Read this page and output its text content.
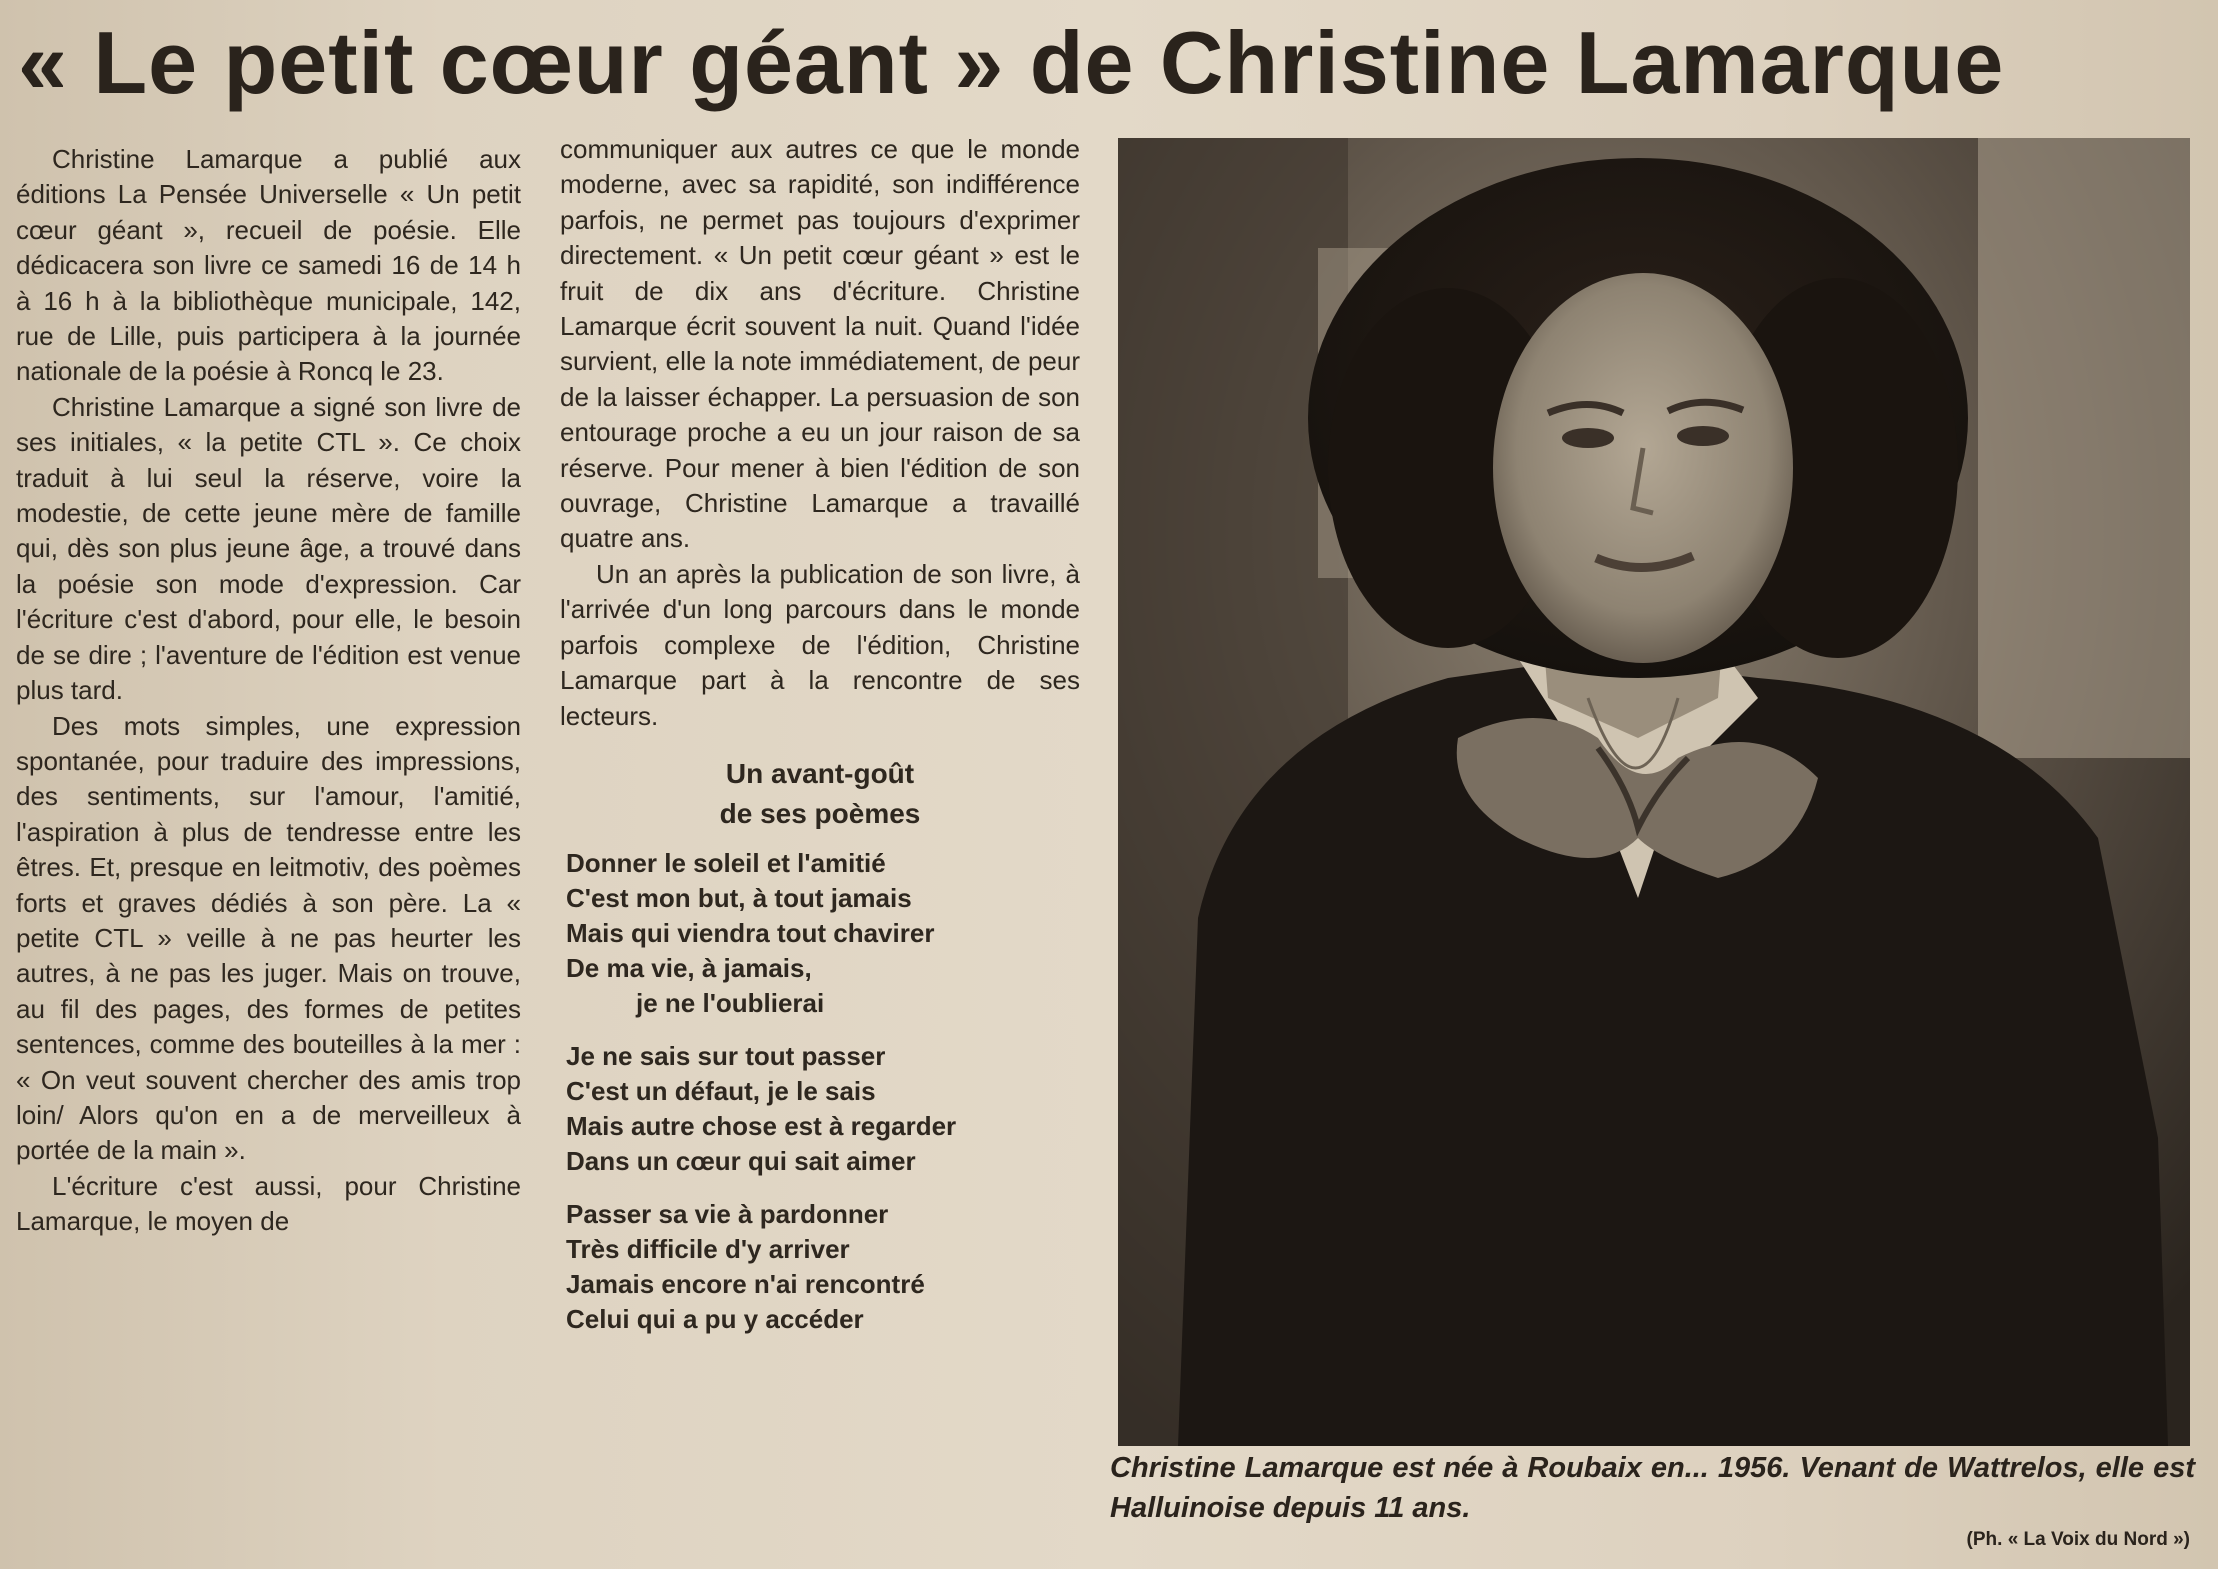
« Le petit cœur géant » de Christine Lamarque

Christine Lamarque a publié aux éditions La Pensée Universelle « Un petit cœur géant », recueil de poésie. Elle dédicacera son livre ce samedi 16 de 14 h à 16 h à la bibliothèque municipale, 142, rue de Lille, puis participera à la journée nationale de la poésie à Roncq le 23.

Christine Lamarque a signé son livre de ses initiales, « la petite CTL ». Ce choix traduit à lui seul la réserve, voire la modestie, de cette jeune mère de famille qui, dès son plus jeune âge, a trouvé dans la poésie son mode d'expression. Car l'écriture c'est d'abord, pour elle, le besoin de se dire ; l'aventure de l'édition est venue plus tard.

Des mots simples, une expression spontanée, pour traduire des impressions, des sentiments, sur l'amour, l'amitié, l'aspiration à plus de tendresse entre les êtres. Et, presque en leitmotiv, des poèmes forts et graves dédiés à son père. La « petite CTL » veille à ne pas heurter les autres, à ne pas les juger. Mais on trouve, au fil des pages, des formes de petites sentences, comme des bouteilles à la mer : « On veut souvent chercher des amis trop loin/ Alors qu'on en a de merveilleux à portée de la main ».

L'écriture c'est aussi, pour Christine Lamarque, le moyen de

communiquer aux autres ce que le monde moderne, avec sa rapidité, son indifférence parfois, ne permet pas toujours d'exprimer directement. « Un petit cœur géant » est le fruit de dix ans d'écriture. Christine Lamarque écrit souvent la nuit. Quand l'idée survient, elle la note immédiatement, de peur de la laisser échapper. La persuasion de son entourage proche a eu un jour raison de sa réserve. Pour mener à bien l'édition de son ouvrage, Christine Lamarque a travaillé quatre ans.

Un an après la publication de son livre, à l'arrivée d'un long parcours dans le monde parfois complexe de l'édition, Christine Lamarque part à la rencontre de ses lecteurs.

Un avant-goût
de ses poèmes
Donner le soleil et l'amitié
C'est mon but, à tout jamais
Mais qui viendra tout chavirer
De ma vie, à jamais,
je ne l'oublierai
Je ne sais sur tout passer
C'est un défaut, je le sais
Mais autre chose est à regarder
Dans un cœur qui sait aimer
Passer sa vie à pardonner
Très difficile d'y arriver
Jamais encore n'ai rencontré
Celui qui a pu y accéder
Christine Lamarque est née à Roubaix en... 1956. Venant de Wattrelos, elle est Halluinoise depuis 11 ans.
(Ph. « La Voix du Nord »)
